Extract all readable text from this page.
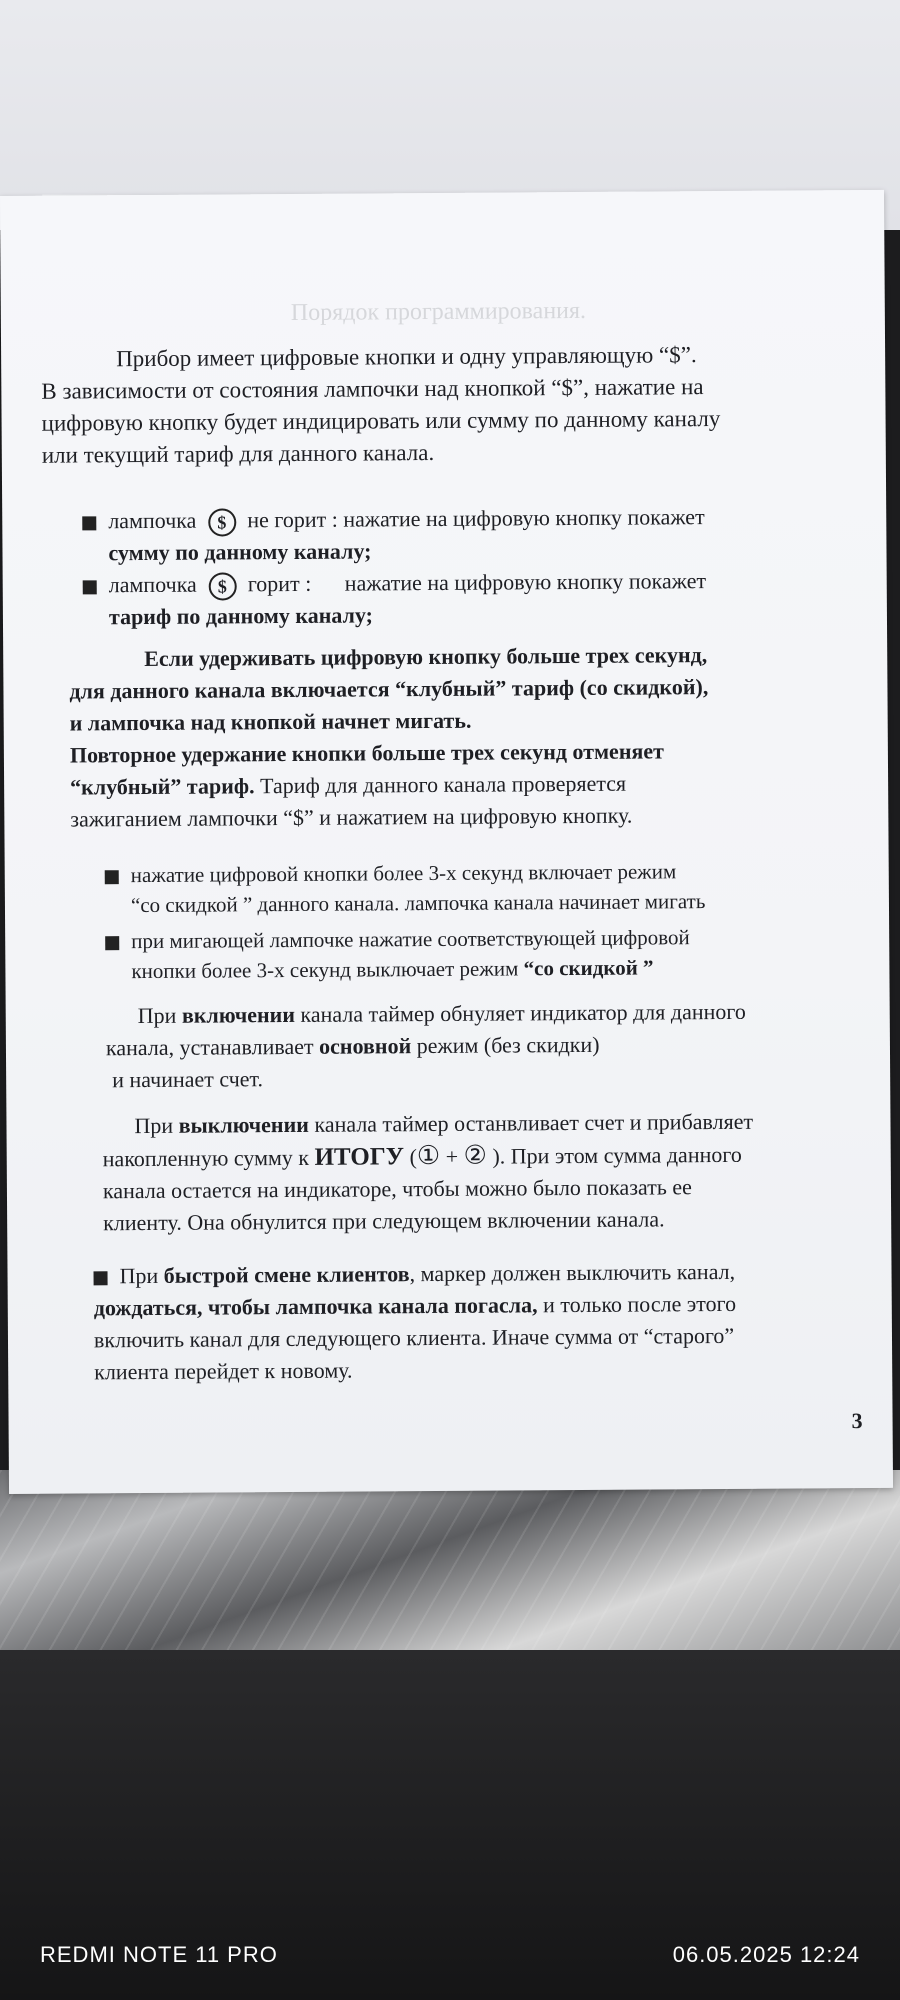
Порядок программирования.
Прибор имеет цифровые кнопки и одну управляющую “$”.
В зависимости от состояния лампочки над кнопкой “$”, нажатие на
цифровую кнопку будет индицировать или сумму по данному каналу
или текущий тариф для данного канала.
лампочка $ не горит : нажатие на цифровую кнопку покажет
сумму по данному каналу;
лампочка $ горит : нажатие на цифровую кнопку покажет
тариф по данному каналу;
Если удерживать цифровую кнопку больше трех секунд,
для данного канала включается “клубный” тариф (со скидкой),
и лампочка над кнопкой начнет мигать.
Повторное удержание кнопки больше трех секунд отменяет
“клубный” тариф. Тариф для данного канала проверяется
зажиганием лампочки “$” и нажатием на цифровую кнопку.
нажатие цифровой кнопки более 3-х секунд включает режим
“со скидкой ” данного канала. лампочка канала начинает мигать
при мигающей лампочке нажатие соответствующей цифровой
кнопки более 3-х секунд выключает режим “со скидкой ”
При включении канала таймер обнуляет индикатор для данного
канала, устанавливает основной режим (без скидки)
и начинает счет.
При выключении канала таймер останвливает счет и прибавляет
накопленную сумму к ИТОГУ (① + ② ). При этом сумма данного
канала остается на индикаторе, чтобы можно было показать ее
клиенту. Она обнулится при следующем включении канала.
При быстрой смене клиентов, маркер должен выключить канал,
дождаться, чтобы лампочка канала погасла, и только после этого
включить канал для следующего клиента. Иначе сумма от “старого”
клиента перейдет к новому.
3
REDMI NOTE 11 PRO	06.05.2025 12:24
